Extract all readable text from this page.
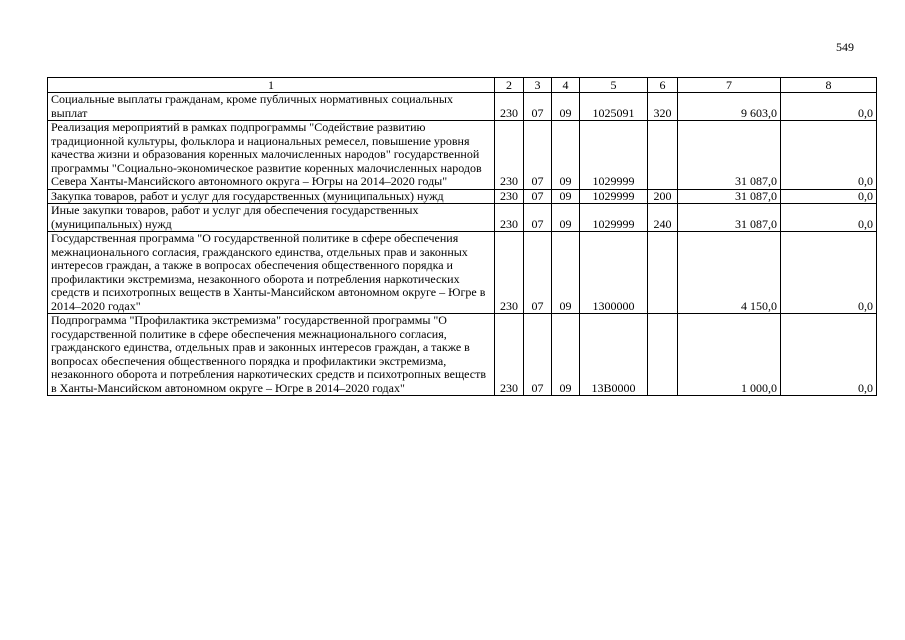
549
1	2	3	4	5	6	7	8
Социальные выплаты гражданам, кроме публичных нормативных социальных выплат	230	07	09	1025091	320	9 603,0	0,0
Реализация мероприятий в рамках подпрограммы "Содействие развитию традиционной культуры, фольклора и национальных ремесел, повышение уровня качества жизни и образования коренных малочисленных народов" государственной программы "Социально-экономическое развитие коренных малочисленных народов Севера Ханты-Мансийского автономного округа – Югры на 2014–2020 годы"	230	07	09	1029999		31 087,0	0,0
Закупка товаров, работ и услуг для государственных (муниципальных) нужд	230	07	09	1029999	200	31 087,0	0,0
Иные закупки товаров, работ и услуг для обеспечения государственных (муниципальных) нужд	230	07	09	1029999	240	31 087,0	0,0
Государственная программа "О государственной политике в сфере обеспечения межнационального согласия, гражданского единства, отдельных прав и законных интересов граждан, а также в вопросах обеспечения общественного порядка и профилактики экстремизма, незаконного оборота и потребления наркотических средств и психотропных веществ в Ханты-Мансийском автономном округе – Югре в 2014–2020 годах"	230	07	09	1300000		4 150,0	0,0
Подпрограмма "Профилактика экстремизма" государственной программы "О государственной политике в сфере обеспечения межнационального согласия, гражданского единства, отдельных прав и законных интересов граждан, а также в вопросах обеспечения общественного порядка и профилактики экстремизма, незаконного оборота и потребления наркотических средств и психотропных веществ в Ханты-Мансийском автономном округе – Югре в 2014–2020 годах"	230	07	09	13В0000		1 000,0	0,0
